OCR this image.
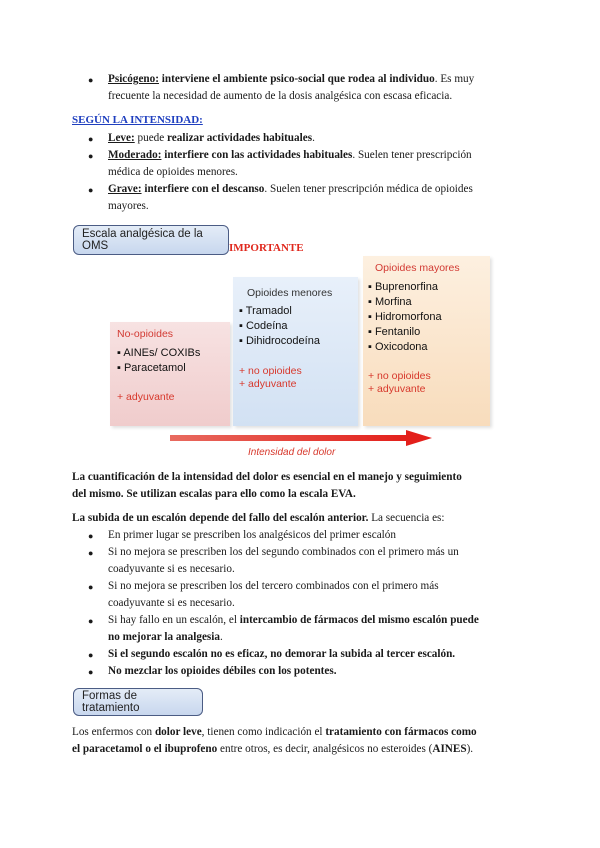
● Psicógeno: interviene el ambiente psico-social que rodea al individuo. Es muy
frecuente la necesidad de aumento de la dosis analgésica con escasa eficacia.
SEGÚN LA INTENSIDAD:
● Leve: puede realizar actividades habituales.
● Moderado: interfiere con las actividades habituales. Suelen tener prescripción
médica de opioides menores.
● Grave: interfiere con el descanso. Suelen tener prescripción médica de opioides
mayores.
Escala analgésica de la OMS	IMPORTANTE
No-opioides
▪ AINEs/ COXIBs
▪ Paracetamol
+ adyuvante
Opioides menores
▪ Tramadol
▪ Codeína
▪ Dihidrocodeína
+ no opioides
+ adyuvante
Opioides mayores
▪ Buprenorfina
▪ Morfina
▪ Hidromorfona
▪ Fentanilo
▪ Oxicodona
+ no opioides
+ adyuvante
Intensidad del dolor
La cuantificación de la intensidad del dolor es esencial en el manejo y seguimiento
del mismo. Se utilizan escalas para ello como la escala EVA.
La subida de un escalón depende del fallo del escalón anterior. La secuencia es:
● En primer lugar se prescriben los analgésicos del primer escalón
● Si no mejora se prescriben los del segundo combinados con el primero más un
coadyuvante si es necesario.
● Si no mejora se prescriben los del tercero combinados con el primero más
coadyuvante si es necesario.
● Si hay fallo en un escalón, el intercambio de fármacos del mismo escalón puede
no mejorar la analgesia.
● Si el segundo escalón no es eficaz, no demorar la subida al tercer escalón.
● No mezclar los opioides débiles con los potentes.
Formas de tratamiento
Los enfermos con dolor leve, tienen como indicación el tratamiento con fármacos como
el paracetamol o el ibuprofeno entre otros, es decir, analgésicos no esteroides (AINES).
